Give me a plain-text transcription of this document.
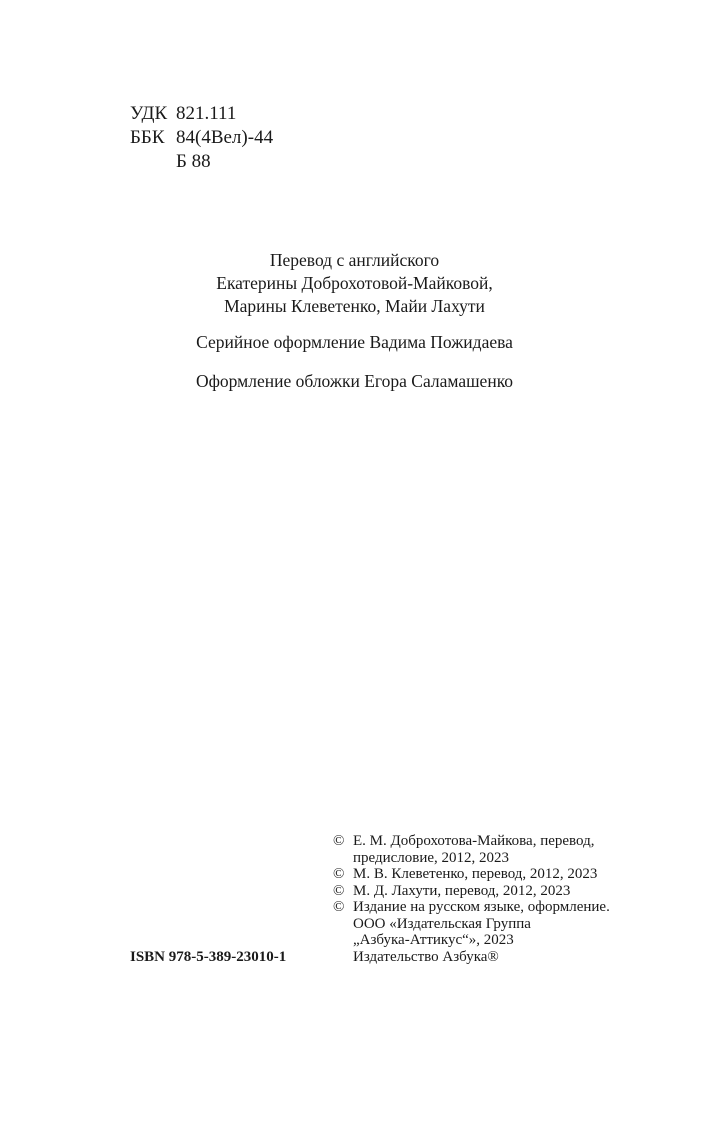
УДК 821.111
ББК 84(4Вел)-44
Б 88
Перевод с английского
Екатерины Доброхотовой-Майковой,
Марины Клеветенко, Майи Лахути
Серийное оформление Вадима Пожидаева
Оформление обложки Егора Саламашенко
© Е. М. Доброхотова-Майкова, перевод,
предисловие, 2012, 2023
© М. В. Клеветенко, перевод, 2012, 2023
© М. Д. Лахути, перевод, 2012, 2023
© Издание на русском языке, оформление.
ООО «Издательская Группа
„Азбука-Аттикус“», 2023
Издательство Азбука®
ISBN 978-5-389-23010-1
